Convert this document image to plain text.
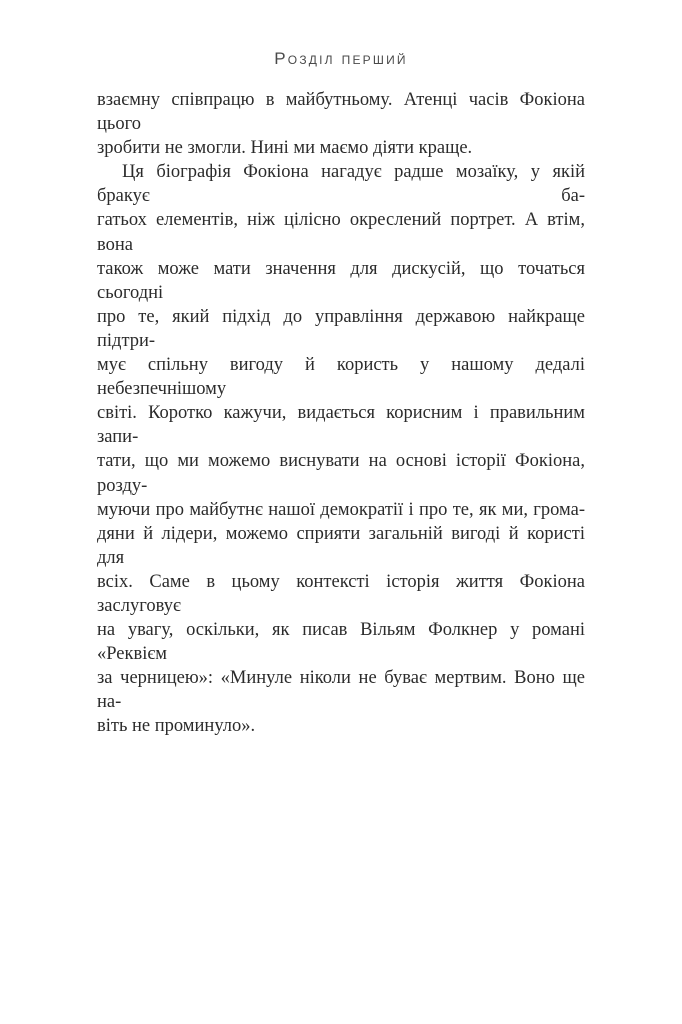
Розділ перший
взаємну співпрацю в майбутньому. Атенці часів Фокіона цього
зробити не змогли. Нині ми маємо діяти краще.
Ця біографія Фокіона нагадує радше мозаїку, у якій бракує ба-
гатьох елементів, ніж цілісно окреслений портрет. А втім, вона
також може мати значення для дискусій, що точаться сьогодні
про те, який підхід до управління державою найкраще підтри-
мує спільну вигоду й користь у нашому дедалі небезпечнішому
світі. Коротко кажучи, видається корисним і правильним запи-
тати, що ми можемо виснувати на основі історії Фокіона, розду-
муючи про майбутнє нашої демократії і про те, як ми, грома-
дяни й лідери, можемо сприяти загальній вигоді й користі для
всіх. Саме в цьому контексті історія життя Фокіона заслуговує
на увагу, оскільки, як писав Вільям Фолкнер у романі «Реквієм
за черницею»: «Минуле ніколи не буває мертвим. Воно ще на-
віть не проминуло».
